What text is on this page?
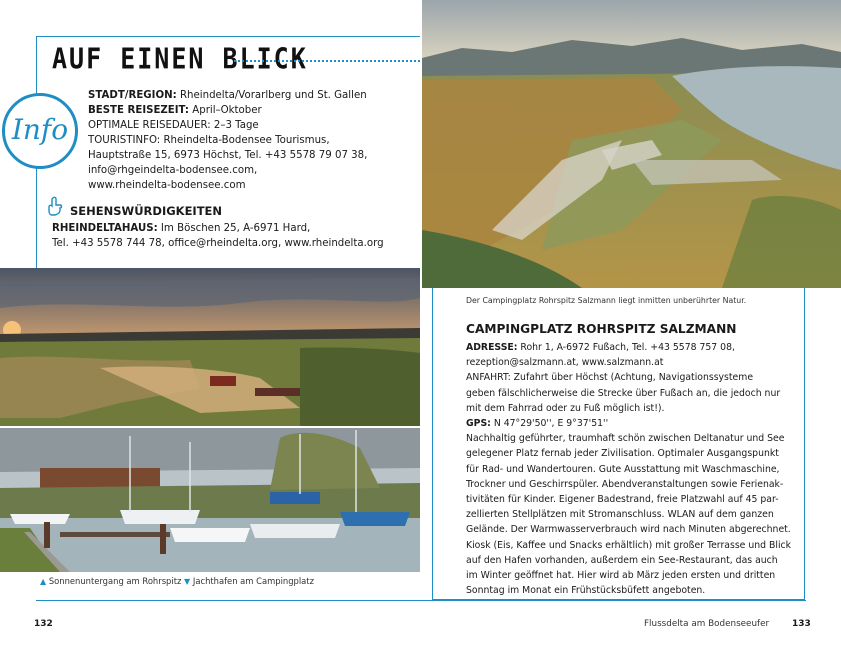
AUF EINEN BLICK
Info
STADT/REGION: Rheindelta/Vorarlberg und St. Gallen
BESTE REISEZEIT: April–Oktober
OPTIMALE REISEDAUER: 2–3 Tage
TOURISTINFO: Rheindelta-Bodensee Tourismus,
Hauptstraße 15, 6973 Höchst, Tel. +43 5578 79 07 38,
info@rhgeindelta-bodensee.com,
www.rheindelta-bodensee.com
SEHENSWÜRDIGKEITEN
RHEINDELTAHAUS: Im Böschen 25, A-6971 Hard,
Tel. +43 5578 744 78, office@rheindelta.org, www.rheindelta.org
Der Campingplatz Rohrspitz Salzmann liegt inmitten unberührter Natur.
▲ Sonnenuntergang am Rohrspitz ▼ Jachthafen am Campingplatz
CAMPINGPLATZ ROHRSPITZ SALZMANN
ADRESSE: Rohr 1, A-6972 Fußach, Tel. +43 5578 757 08,
rezeption@salzmann.at, www.salzmann.at
ANFAHRT: Zufahrt über Höchst (Achtung, Navigationssysteme
geben fälschlicherweise die Strecke über Fußach an, die jedoch nur
mit dem Fahrrad oder zu Fuß möglich ist!).
GPS: N 47°29'50'', E 9°37'51''
Nachhaltig geführter, traumhaft schön zwischen Deltanatur und See
gelegener Platz fernab jeder Zivilisation. Optimaler Ausgangspunkt
für Rad- und Wandertouren. Gute Ausstattung mit Waschmaschine,
Trockner und Geschirrspüler. Abendveranstaltungen sowie Ferienak-
tivitäten für Kinder. Eigener Badestrand, freie Platzwahl auf 45 par-
zellierten Stellplätzen mit Stromanschluss. WLAN auf dem ganzen
Gelände. Der Warmwasserverbrauch wird nach Minuten abgerechnet.
Kiosk (Eis, Kaffee und Snacks erhältlich) mit großer Terrasse und Blick
auf den Hafen vorhanden, außerdem ein See-Restaurant, das auch
im Winter geöffnet hat. Hier wird ab März jeden ersten und dritten
Sonntag im Monat ein Frühstücksbüfett angeboten.
132	Flussdelta am Bodenseeufer	133
